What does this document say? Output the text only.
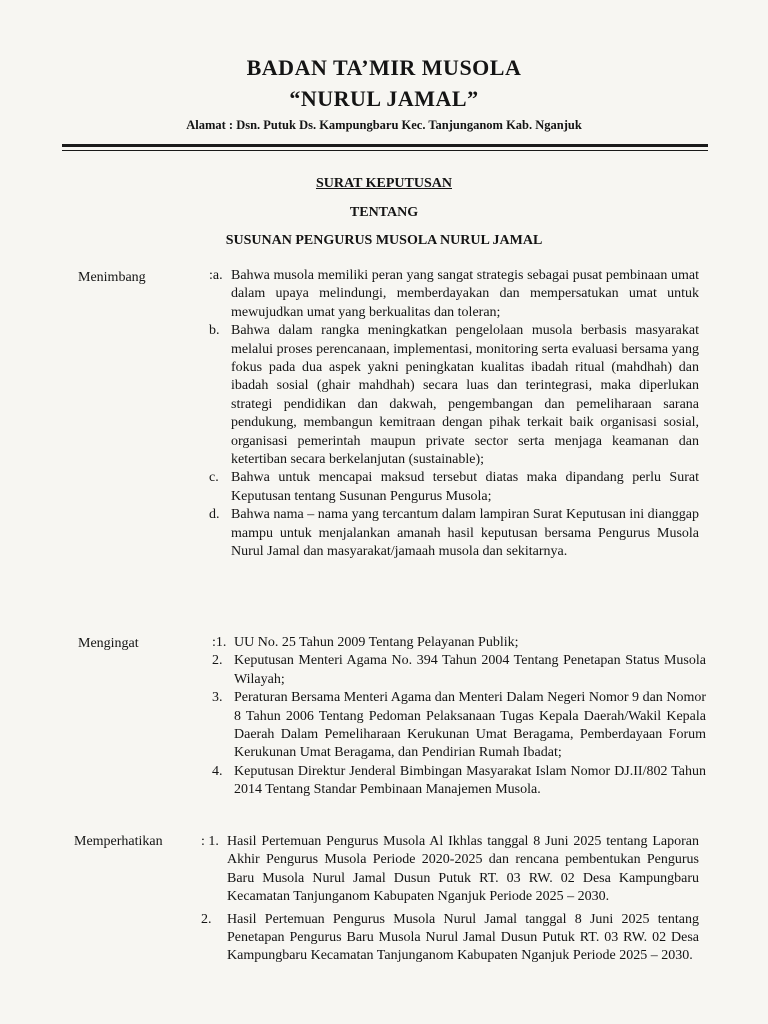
BADAN TA’MIR MUSOLA
“NURUL JAMAL”
Alamat : Dsn. Putuk Ds. Kampungbaru Kec. Tanjunganom Kab. Nganjuk
SURAT KEPUTUSAN
TENTANG
SUSUNAN PENGURUS MUSOLA NURUL JAMAL
Menimbang	:a. Bahwa musola memiliki peran yang sangat strategis sebagai pusat pembinaan umat dalam upaya melindungi, memberdayakan dan mempersatukan umat untuk mewujudkan umat yang berkualitas dan toleran;
b. Bahwa dalam rangka meningkatkan pengelolaan musola berbasis masyarakat melalui proses perencanaan, implementasi, monitoring serta evaluasi bersama yang fokus pada dua aspek yakni peningkatan kualitas ibadah ritual (mahdhah) dan ibadah sosial (ghair mahdhah) secara luas dan terintegrasi, maka diperlukan strategi pendidikan dan dakwah, pengembangan dan pemeliharaan sarana pendukung, membangun kemitraan dengan pihak terkait baik organisasi sosial, organisasi pemerintah maupun private sector serta menjaga keamanan dan ketertiban secara berkelanjutan (sustainable);
c. Bahwa untuk mencapai maksud tersebut diatas maka dipandang perlu Surat Keputusan tentang Susunan Pengurus Musola;
d. Bahwa nama – nama yang tercantum dalam lampiran Surat Keputusan ini dianggap mampu untuk menjalankan amanah hasil keputusan bersama Pengurus Musola Nurul Jamal dan masyarakat/jamaah musola dan sekitarnya.
Mengingat	:1. UU No. 25 Tahun 2009 Tentang Pelayanan Publik;
2. Keputusan Menteri Agama No. 394 Tahun 2004 Tentang Penetapan Status Musola Wilayah;
3. Peraturan Bersama Menteri Agama dan Menteri Dalam Negeri Nomor 9 dan Nomor 8 Tahun 2006 Tentang Pedoman Pelaksanaan Tugas Kepala Daerah/Wakil Kepala Daerah Dalam Pemeliharaan Kerukunan Umat Beragama, Pemberdayaan Forum Kerukunan Umat Beragama, dan Pendirian Rumah Ibadat;
4. Keputusan Direktur Jenderal Bimbingan Masyarakat Islam Nomor DJ.II/802 Tahun 2014 Tentang Standar Pembinaan Manajemen Musola.
Memperhatikan	: 1. Hasil Pertemuan Pengurus Musola Al Ikhlas tanggal 8 Juni 2025 tentang Laporan Akhir Pengurus Musola Periode 2020-2025 dan rencana pembentukan Pengurus Baru Musola Nurul Jamal Dusun Putuk RT. 03 RW. 02 Desa Kampungbaru Kecamatan Tanjunganom Kabupaten Nganjuk Periode 2025 – 2030.
2. Hasil Pertemuan Pengurus Musola Nurul Jamal tanggal 8 Juni 2025 tentang Penetapan Pengurus Baru Musola Nurul Jamal Dusun Putuk RT. 03 RW. 02 Desa Kampungbaru Kecamatan Tanjunganom Kabupaten Nganjuk Periode 2025 – 2030.
